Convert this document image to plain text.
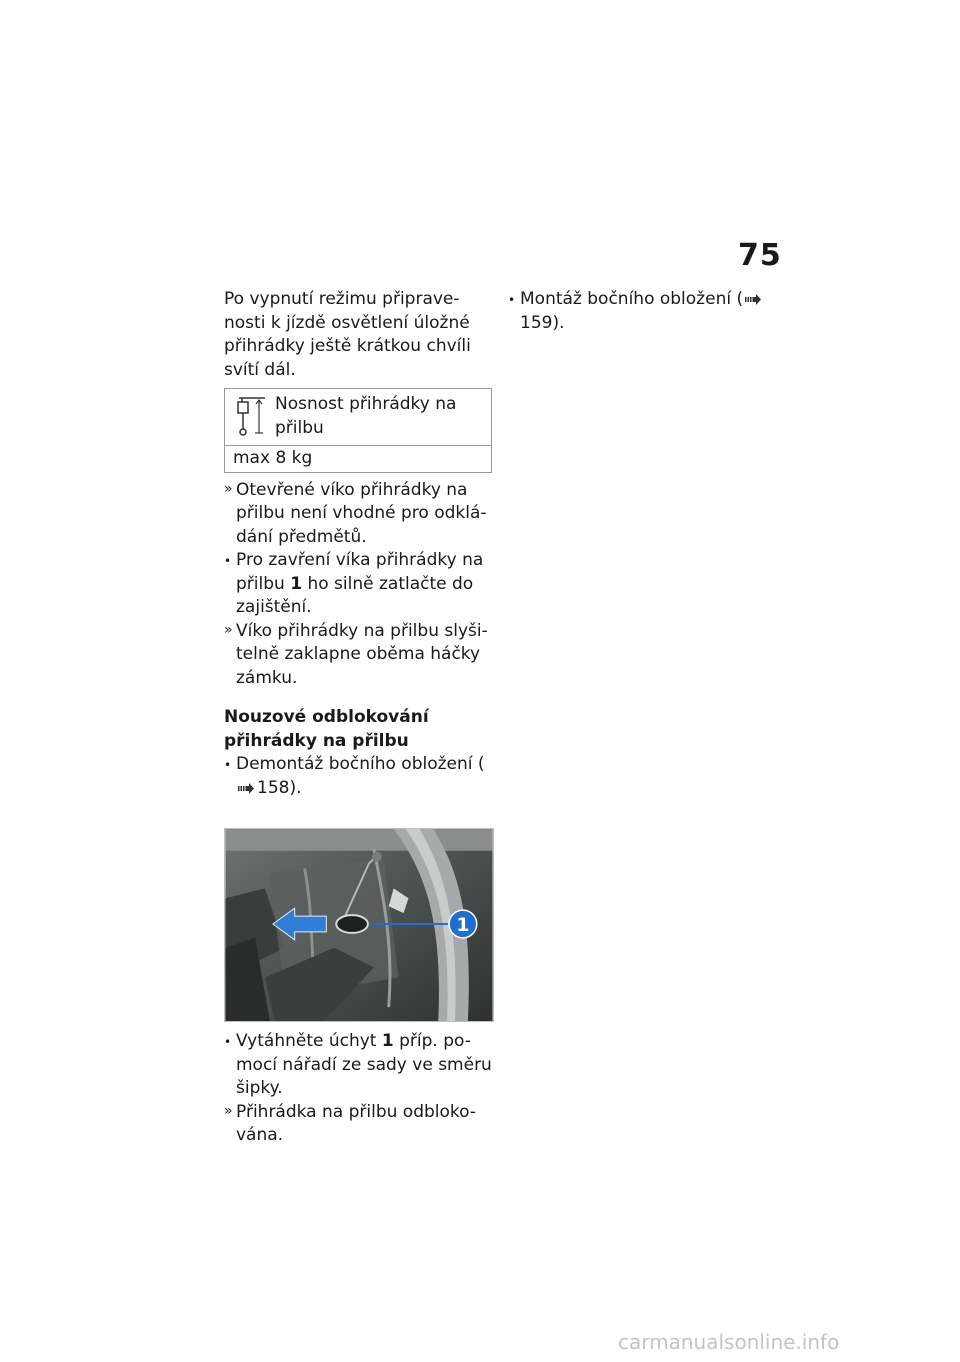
75

Po vypnutí režimu připrave-nosti k jízdě osvětlení úložné přihrádky ještě krátkou chvíli svítí dál.

Nosnost přihrádky na přilbu
max 8 kg
» Otevřené víko přihrádky na přilbu není vhodné pro odklá-dání předmětů.
• Pro zavření víka přihrádky na přilbu 1 ho silně zatlačte do zajištění.
» Víko přihrádky na přilbu slyši-telně zaklapne oběma háčky zámku.
Nouzové odblokování přihrádky na přilbu
• Demontáž bočního obložení (158).
1
• Vytáhněte úchyt 1 příp. po-mocí nářadí ze sady ve směru šipky.
» Přihrádka na přilbu odbloko-vána.
• Montáž bočního obložení (159).
carmanualsonline.info
